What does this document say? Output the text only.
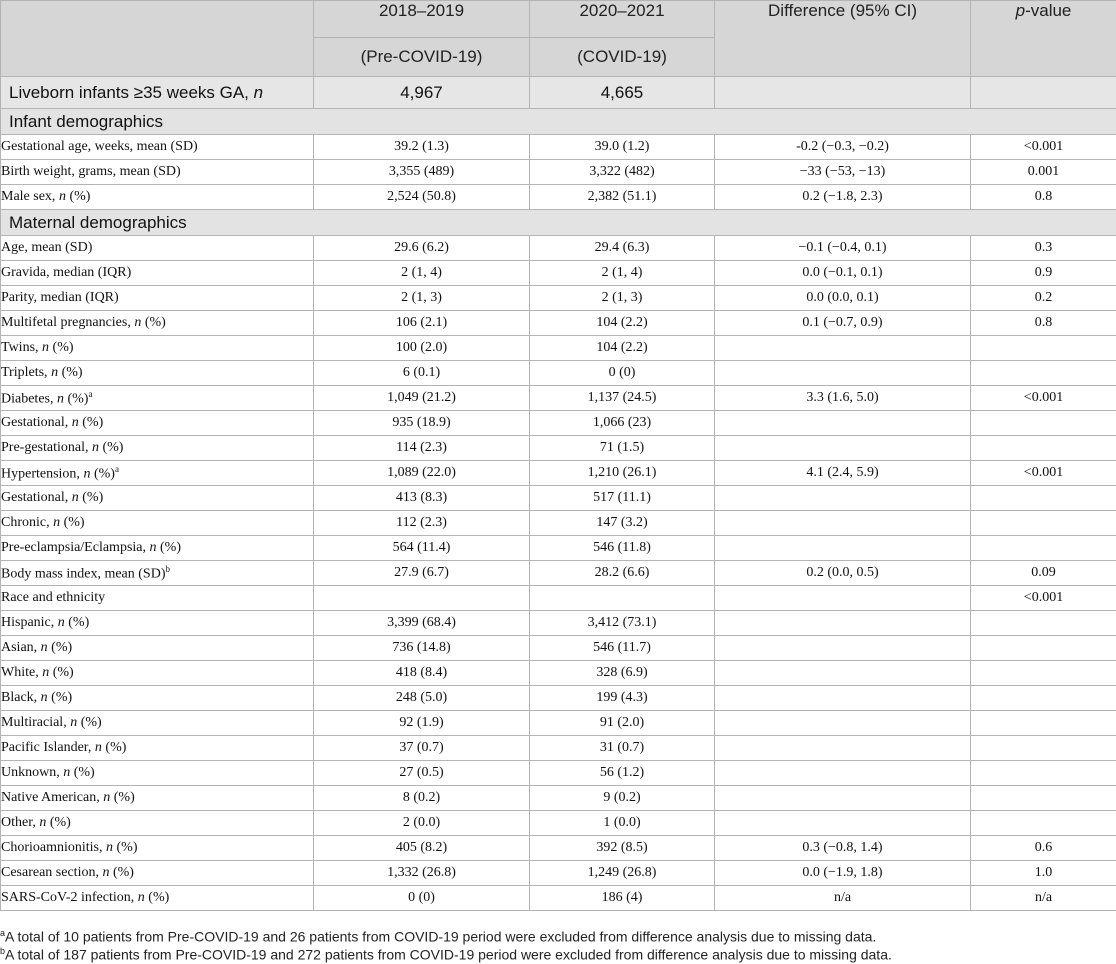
	2018–2019	2020–2021	Difference (95% CI)	p-value
	(Pre-COVID-19)	(COVID-19)		
Liveborn infants ≥35 weeks GA, n	4,967	4,665		
Infant demographics				
Gestational age, weeks, mean (SD)	39.2 (1.3)	39.0 (1.2)	-0.2 (−0.3, −0.2)	<0.001
Birth weight, grams, mean (SD)	3,355 (489)	3,322 (482)	−33 (−53, −13)	0.001
Male sex, n (%)	2,524 (50.8)	2,382 (51.1)	0.2 (−1.8, 2.3)	0.8
Maternal demographics				
Age, mean (SD)	29.6 (6.2)	29.4 (6.3)	−0.1 (−0.4, 0.1)	0.3
Gravida, median (IQR)	2 (1, 4)	2 (1, 4)	0.0 (−0.1, 0.1)	0.9
Parity, median (IQR)	2 (1, 3)	2 (1, 3)	0.0 (0.0, 0.1)	0.2
Multifetal pregnancies, n (%)	106 (2.1)	104 (2.2)	0.1 (−0.7, 0.9)	0.8
Twins, n (%)	100 (2.0)	104 (2.2)		
Triplets, n (%)	6 (0.1)	0 (0)		
Diabetes, n (%)$^a$	1,049 (21.2)	1,137 (24.5)	3.3 (1.6, 5.0)	<0.001
Gestational, n (%)	935 (18.9)	1,066 (23)		
Pre-gestational, n (%)	114 (2.3)	71 (1.5)		
Hypertension, n (%)$^a$	1,089 (22.0)	1,210 (26.1)	4.1 (2.4, 5.9)	<0.001
Gestational, n (%)	413 (8.3)	517 (11.1)		
Chronic, n (%)	112 (2.3)	147 (3.2)		
Pre-eclampsia/Eclampsia, n (%)	564 (11.4)	546 (11.8)		
Body mass index, mean (SD)$^b$	27.9 (6.7)	28.2 (6.6)	0.2 (0.0, 0.5)	0.09
Race and ethnicity				<0.001
Hispanic, n (%)	3,399 (68.4)	3,412 (73.1)		
Asian, n (%)	736 (14.8)	546 (11.7)		
White, n (%)	418 (8.4)	328 (6.9)		
Black, n (%)	248 (5.0)	199 (4.3)		
Multiracial, n (%)	92 (1.9)	91 (2.0)		
Pacific Islander, n (%)	37 (0.7)	31 (0.7)		
Unknown, n (%)	27 (0.5)	56 (1.2)		
Native American, n (%)	8 (0.2)	9 (0.2)		
Other, n (%)	2 (0.0)	1 (0.0)		
Chorioamnionitis, n (%)	405 (8.2)	392 (8.5)	0.3 (−0.8, 1.4)	0.6
Cesarean section, n (%)	1,332 (26.8)	1,249 (26.8)	0.0 (−1.9, 1.8)	1.0
SARS-CoV-2 infection, n (%)	0 (0)	186 (4)	n/a	n/a
$^a$A total of 10 patients from Pre-COVID-19 and 26 patients from COVID-19 period were excluded from difference analysis due to missing data.
$^b$A total of 187 patients from Pre-COVID-19 and 272 patients from COVID-19 period were excluded from difference analysis due to missing data.
